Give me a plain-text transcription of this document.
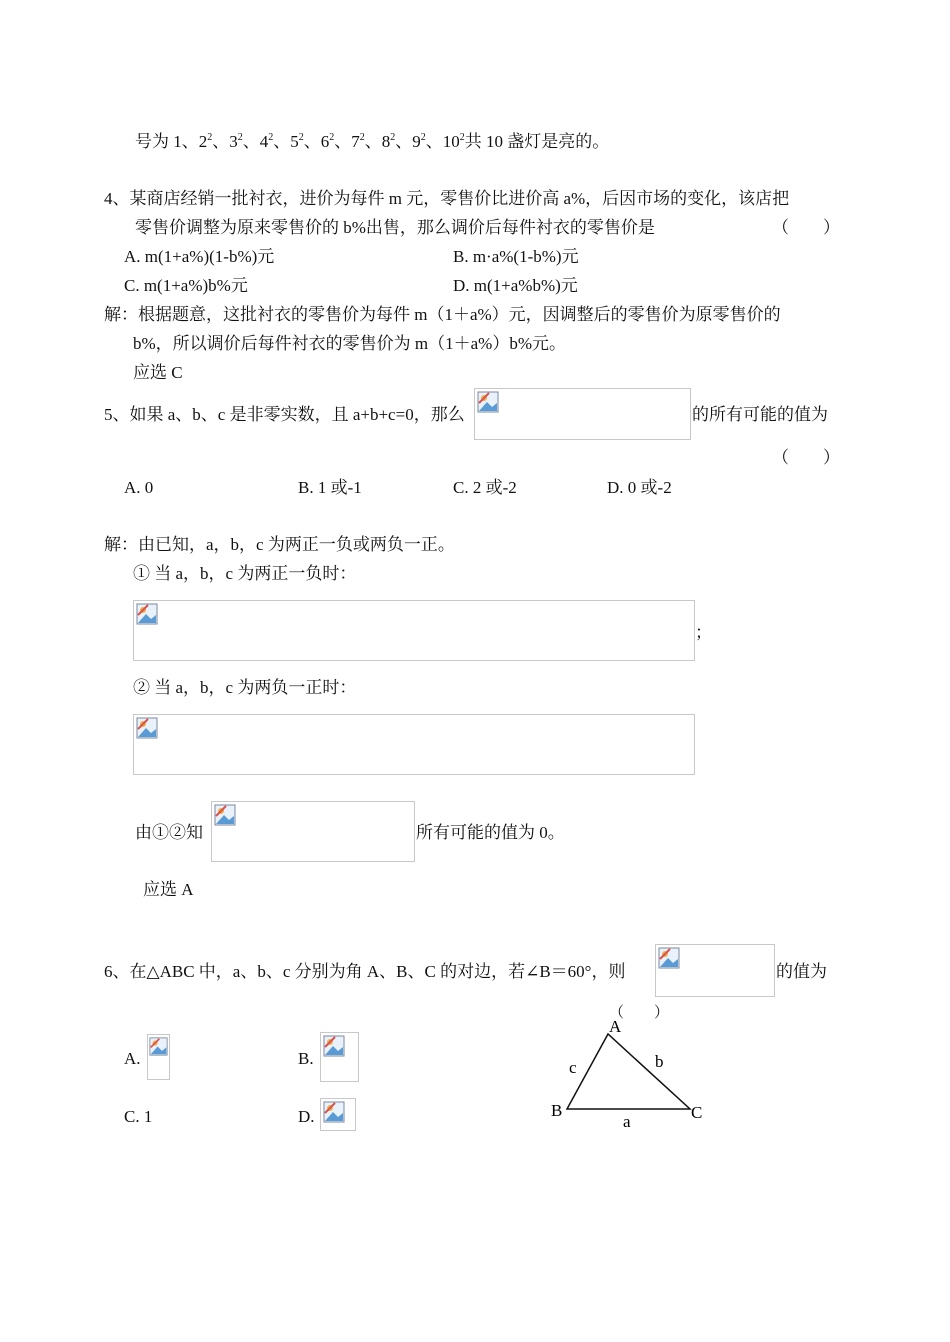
号为 1、$2^2$、$3^2$、$4^2$、$5^2$、$6^2$、$7^2$、$8^2$、$9^2$、$10^2$共 10 盏灯是亮的。
4、某商店经销一批衬衣，进价为每件 m 元，零售价比进价高 a%，后因市场的变化，该店把
零售价调整为原来零售价的 b%出售，那么调价后每件衬衣的零售价是	（　　）
A. m(1+a%)(1-b%)元	B. m·a%(1-b%)元
C. m(1+a%)b%元	D. m(1+a%b%)元
解：根据题意，这批衬衣的零售价为每件 m（1＋a%）元，因调整后的零售价为原零售价的
b%，所以调价后每件衬衣的零售价为 m（1＋a%）b%元。
应选 C
5、如果 a、b、c 是非零实数，且 a+b+c=0，那么	的所有可能的值为
（　　）
A. 0	B. 1 或-1	C. 2 或-2	D. 0 或-2
解：由已知，a，b，c 为两正一负或两负一正。
① 当 a，b，c 为两正一负时：
；
② 当 a，b，c 为两负一正时：
由①②知	所有可能的值为 0。
应选 A
6、在△ABC 中，a、b、c 分别为角 A、B、C 的对边，若∠B＝60°，则	的值为
（　　）
A.	B.
C. 1	D.
A
B	C
a
b
c
